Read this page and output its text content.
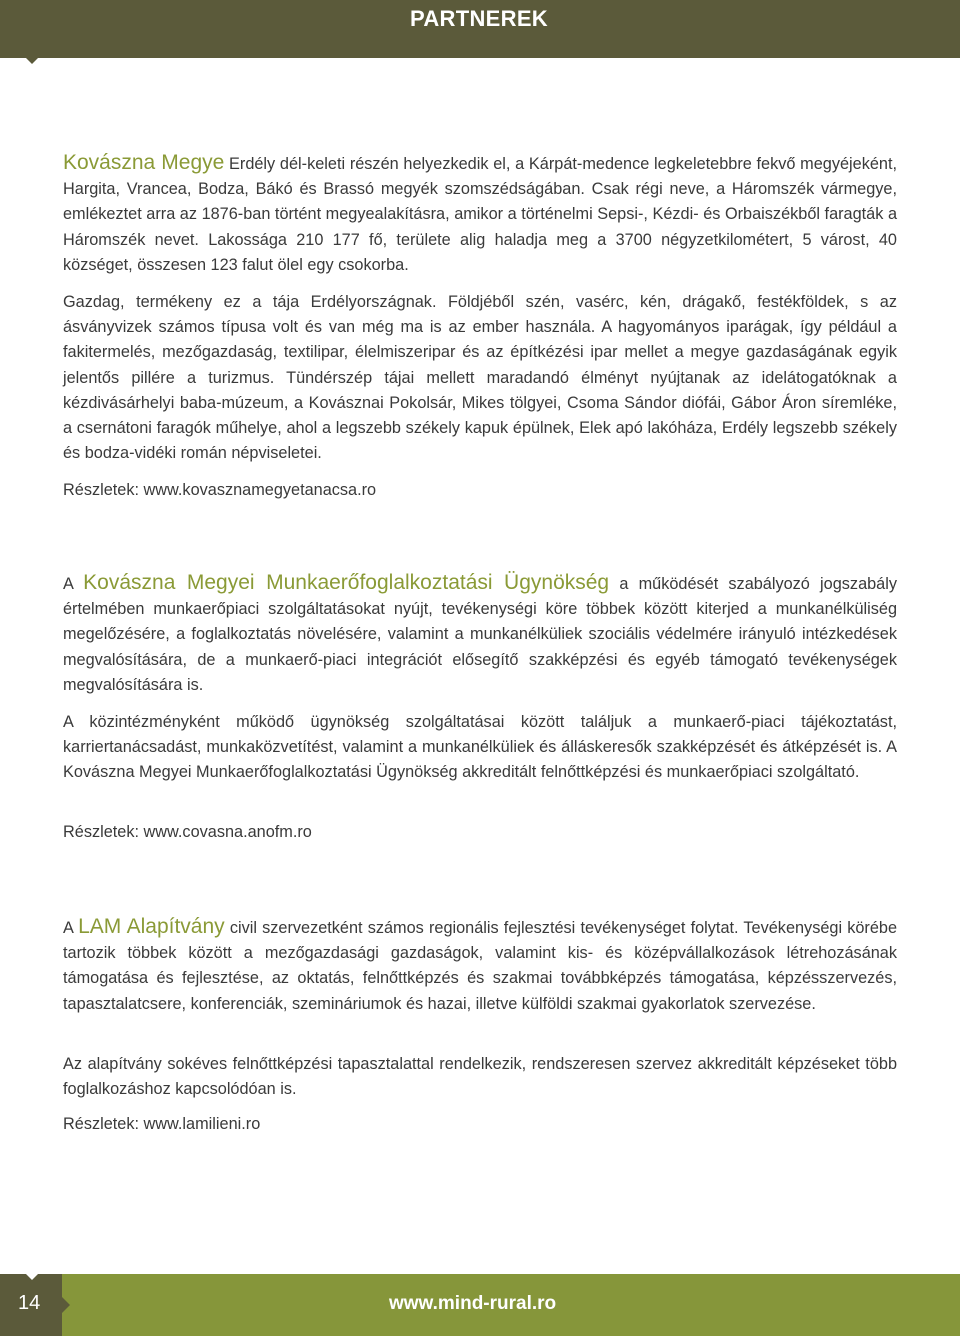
PARTNEREK

Kovászna Megye Erdély dél-keleti részén helyezkedik el, a Kárpát-medence legkeletebbre fekvő megyéjeként, Hargita, Vrancea, Bodza, Bákó és Brassó megyék szomszédságában. Csak régi neve, a Háromszék vármegye, emlékeztet arra az 1876-ban történt megyealakításra, amikor a történelmi Sepsi-, Kézdi- és Orbaiszékből faragták a Háromszék nevet. Lakossága 210 177 fő, területe alig haladja meg a 3700 négyzetkilométert, 5 várost, 40 községet, összesen 123 falut ölel egy csokorba.

Gazdag, termékeny ez a tája Erdélyországnak. Földjéből szén, vasérc, kén, drágakő, festékföldek, s az ásványvizek számos típusa volt és van még ma is az ember használa. A hagyományos iparágak, így például a fakitermelés, mezőgazdaság, textilipar, élelmiszeripar és az építkézési ipar mellet a megye gazdaságának egyik jelentős pillére a turizmus. Tündérszép tájai mellett maradandó élményt nyújtanak az idelátogatóknak a kézdivásárhelyi baba-múzeum, a Kovásznai Pokolsár, Mikes tölgyei, Csoma Sándor diófái, Gábor Áron síremléke, a csernátoni faragók műhelye, ahol a legszebb székely kapuk épülnek, Elek apó lakóháza, Erdély legszebb székely és bodza-vidéki román népviseletei.

Részletek: www.kovasznamegyetanacsa.ro

A Kovászna Megyei Munkaerőfoglalkoztatási Ügynökség a működését szabályozó jogszabály értelmében munkaerőpiaci szolgáltatásokat nyújt, tevékenységi köre többek között kiterjed a munkanélküliség megelőzésére, a foglalkoztatás növelésére, valamint a munkanélküliek szociális védelmére irányuló intézkedések megvalósítására, de a munkaerő-piaci integrációt elősegítő szakképzési és egyéb támogató tevékenységek megvalósítására is.

A közintézményként működő ügynökség szolgáltatásai között találjuk a munkaerő-piaci tájékoztatást, karriertanácsadást, munkaközvetítést, valamint a munkanélküliek és álláskeresők szakképzését és átképzését is. A Kovászna Megyei Munkaerőfoglalkoztatási Ügynökség akkreditált felnőttképzési és munkaerőpiaci szolgáltató.

Részletek: www.covasna.anofm.ro

A LAM Alapítvány civil szervezetként számos regionális fejlesztési tevékenységet folytat. Tevékenységi körébe tartozik többek között a mezőgazdasági gazdaságok, valamint kis- és középvállalkozások létrehozásának támogatása és fejlesztése, az oktatás, felnőttképzés és szakmai továbbképzés támogatása, képzésszervezés, tapasztalatcsere, konferenciák, szemináriumok és hazai, illetve külföldi szakmai gyakorlatok szervezése.

Az alapítvány sokéves felnőttképzési tapasztalattal rendelkezik, rendszeresen szervez akkreditált képzéseket több foglalkozáshoz kapcsolódóan is.

Részletek: www.lamilieni.ro
14	www.mind-rural.ro
